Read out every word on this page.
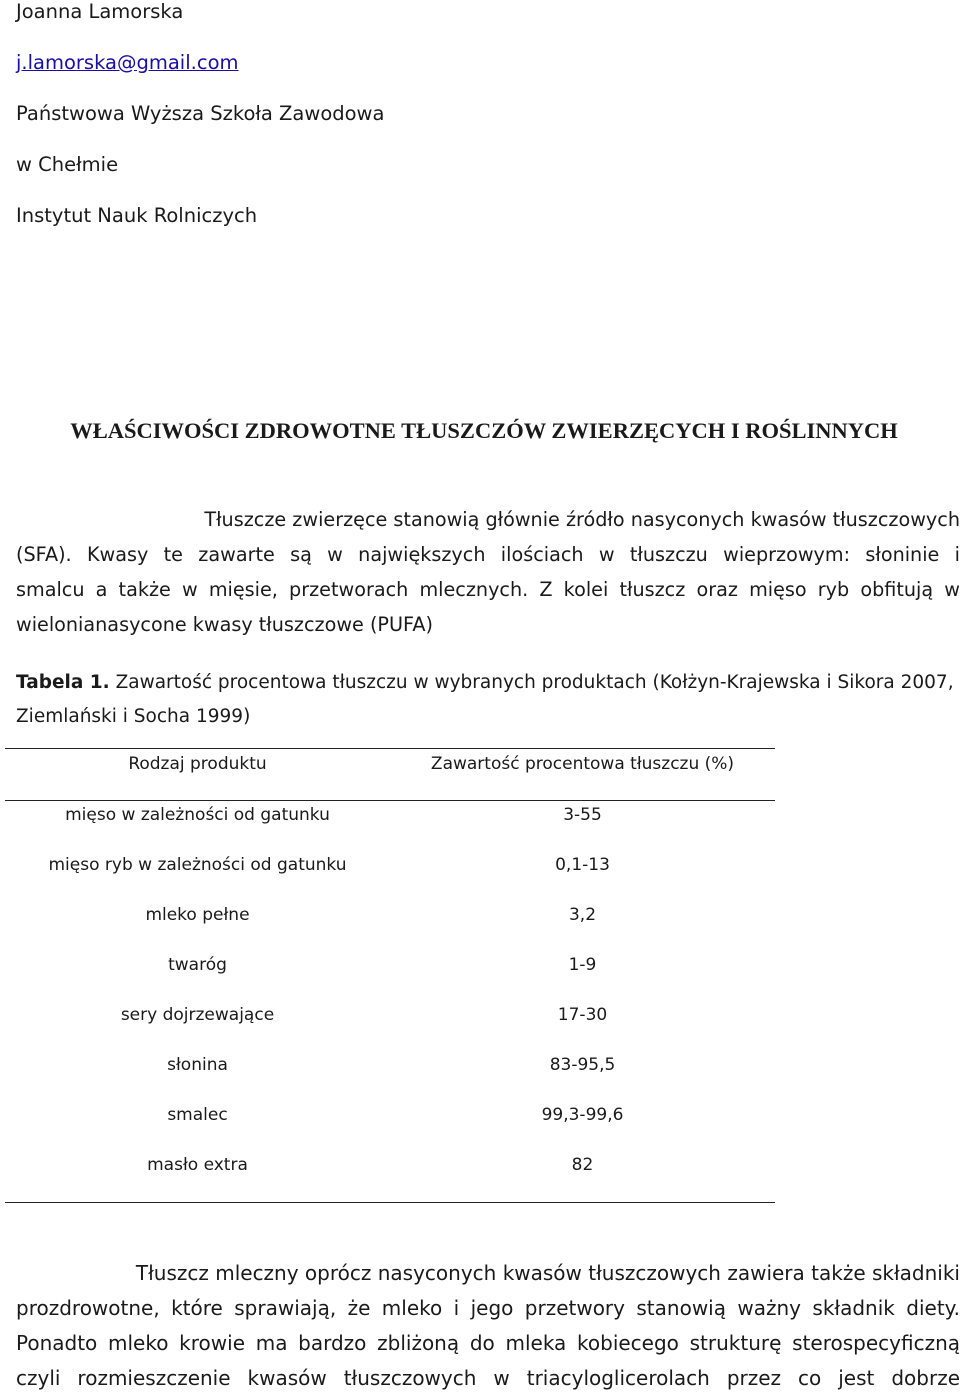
Joanna Lamorska
j.lamorska@gmail.com
Państwowa Wyższa Szkoła Zawodowa
w Chełmie
Instytut Nauk Rolniczych
WŁAŚCIWOŚCI ZDROWOTNE TŁUSZCZÓW ZWIERZĘCYCH I ROŚLINNYCH
Tłuszcze zwierzęce stanowią głównie źródło nasyconych kwasów tłuszczowych
(SFA). Kwasy te zawarte są w największych ilościach w tłuszczu wieprzowym: słoninie i
smalcu a także w mięsie, przetworach mlecznych. Z kolei tłuszcz oraz mięso ryb obfitują w
wielonianasycone kwasy tłuszczowe (PUFA)
Tabela 1. Zawartość procentowa tłuszczu w wybranych produktach (Kołżyn-Krajewska i Sikora 2007,
Ziemlański i Socha 1999)
Rodzaj produktu	Zawartość procentowa tłuszczu (%)
mięso w zależności od gatunku	3-55
mięso ryb w zależności od gatunku	0,1-13
mleko pełne	3,2
twaróg	1-9
sery dojrzewające	17-30
słonina	83-95,5
smalec	99,3-99,6
masło extra	82
Tłuszcz mleczny oprócz nasyconych kwasów tłuszczowych zawiera także składniki
prozdrowotne, które sprawiają, że mleko i jego przetwory stanowią ważny składnik diety.
Ponadto mleko krowie ma bardzo zbliżoną do mleka kobiecego strukturę sterospecyficzną
czyli rozmieszczenie kwasów tłuszczowych w triacyloglicerolach przez co jest dobrze
